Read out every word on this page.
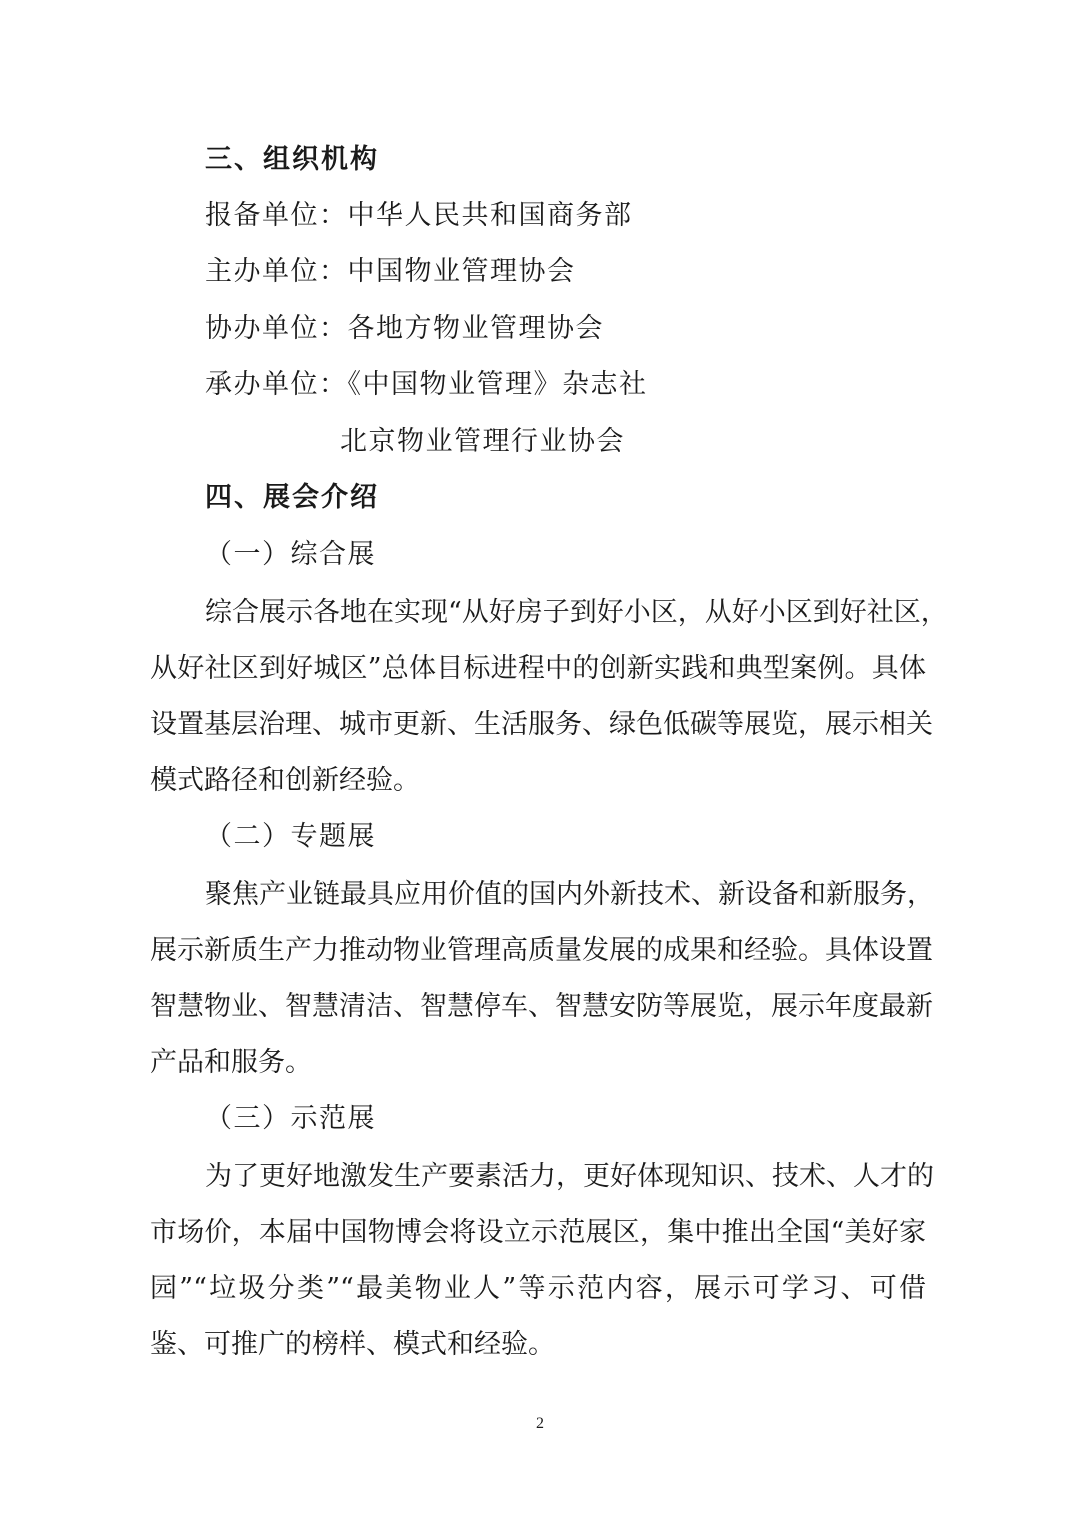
三、组织机构
报备单位：中华人民共和国商务部
主办单位：中国物业管理协会
协办单位：各地方物业管理协会
承办单位：《中国物业管理》杂志社
北京物业管理行业协会
四、展会介绍
（一）综合展
综合展示各地在实现“从好房子到好小区，从好小区到好社区，
从好社区到好城区”总体目标进程中的创新实践和典型案例。具体
设置基层治理、城市更新、生活服务、绿色低碳等展览，展示相关
模式路径和创新经验。
（二）专题展
聚焦产业链最具应用价值的国内外新技术、新设备和新服务，
展示新质生产力推动物业管理高质量发展的成果和经验。具体设置
智慧物业、智慧清洁、智慧停车、智慧安防等展览，展示年度最新
产品和服务。
（三）示范展
为了更好地激发生产要素活力，更好体现知识、技术、人才的
市场价，本届中国物博会将设立示范展区，集中推出全国“美好家
园”“垃圾分类”“最美物业人”等示范内容，展示可学习、可借
鉴、可推广的榜样、模式和经验。
2
